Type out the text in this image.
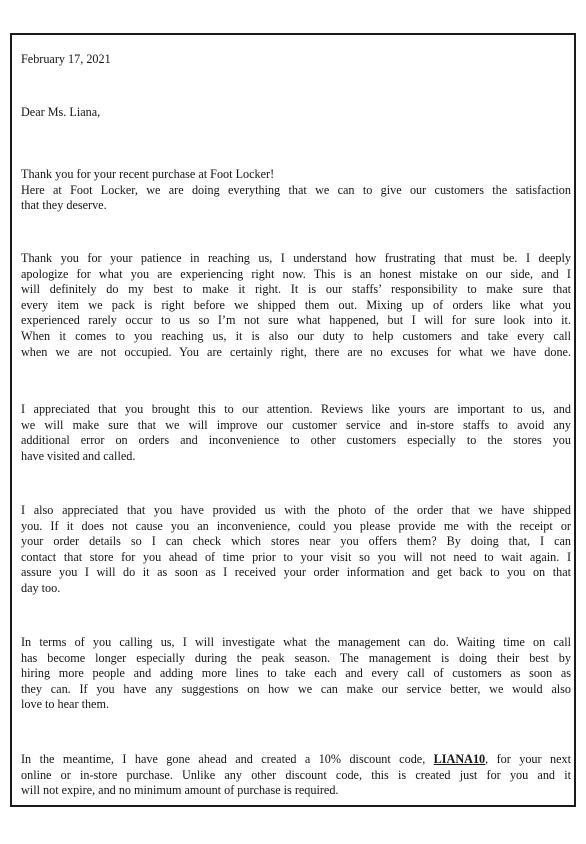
February 17, 2021
Dear Ms. Liana,
Thank you for your recent purchase at Foot Locker!
Here at Foot Locker, we are doing everything that we can to give our customers the satisfaction
that they deserve.
Thank you for your patience in reaching us, I understand how frustrating that must be. I deeply
apologize for what you are experiencing right now. This is an honest mistake on our side, and I
will definitely do my best to make it right. It is our staffs’ responsibility to make sure that
every item we pack is right before we shipped them out. Mixing up of orders like what you
experienced rarely occur to us so I’m not sure what happened, but I will for sure look into it.
When it comes to you reaching us, it is also our duty to help customers and take every call
when we are not occupied. You are certainly right, there are no excuses for what we have done.
I appreciated that you brought this to our attention. Reviews like yours are important to us, and
we will make sure that we will improve our customer service and in-store staffs to avoid any
additional error on orders and inconvenience to other customers especially to the stores you
have visited and called.
I also appreciated that you have provided us with the photo of the order that we have shipped
you. If it does not cause you an inconvenience, could you please provide me with the receipt or
your order details so I can check which stores near you offers them? By doing that, I can
contact that store for you ahead of time prior to your visit so you will not need to wait again. I
assure you I will do it as soon as I received your order information and get back to you on that
day too.
In terms of you calling us, I will investigate what the management can do. Waiting time on call
has become longer especially during the peak season. The management is doing their best by
hiring more people and adding more lines to take each and every call of customers as soon as
they can. If you have any suggestions on how we can make our service better, we would also
love to hear them.
In the meantime, I have gone ahead and created a 10% discount code, LIANA10, for your next
online or in-store purchase. Unlike any other discount code, this is created just for you and it
will not expire, and no minimum amount of purchase is required.
